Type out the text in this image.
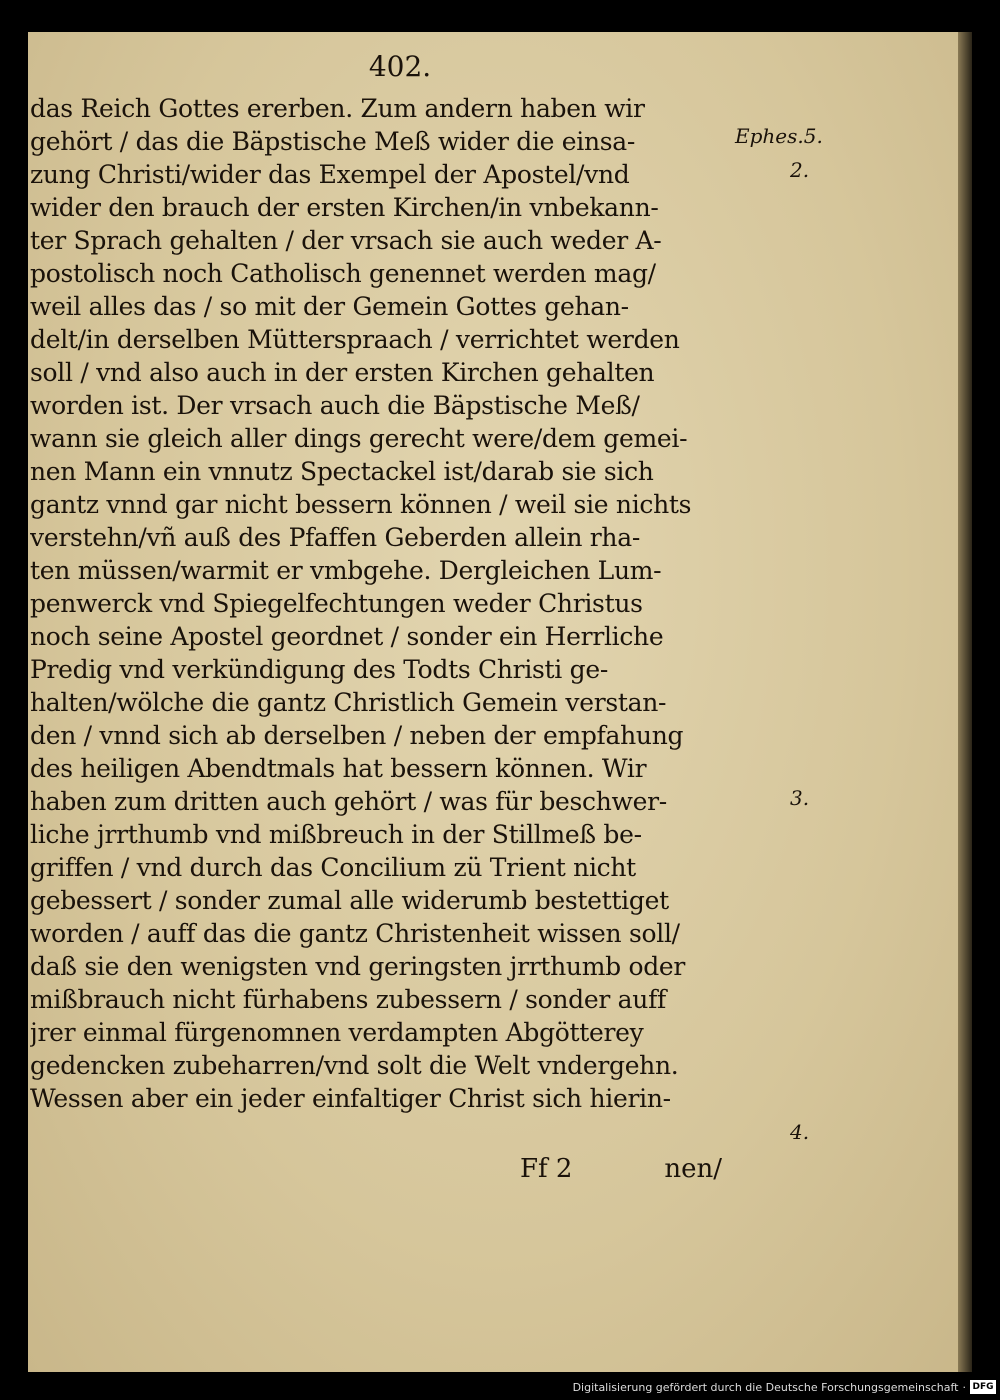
402.
das Reich Gottes ererben. Zum andern haben wir
gehört / das die Bäpstische Meß wider die einsa-
zung Christi/wider das Exempel der Apostel/vnd
wider den brauch der ersten Kirchen/in vnbekann-
ter Sprach gehalten / der vrsach sie auch weder A-
postolisch noch Catholisch genennet werden mag/
weil alles das / so mit der Gemein Gottes gehan-
delt/in derselben Mütterspraach / verrichtet werden
soll / vnd also auch in der ersten Kirchen gehalten
worden ist. Der vrsach auch die Bäpstische Meß/
wann sie gleich aller dings gerecht were/dem gemei-
nen Mann ein vnnutz Spectackel ist/darab sie sich
gantz vnnd gar nicht bessern können / weil sie nichts
verstehn/vñ auß des Pfaffen Geberden allein rha-
ten müssen/warmit er vmbgehe. Dergleichen Lum-
penwerck vnd Spiegelfechtungen weder Christus
noch seine Apostel geordnet / sonder ein Herrliche
Predig vnd verkündigung des Todts Christi ge-
halten/wölche die gantz Christlich Gemein verstan-
den / vnnd sich ab derselben / neben der empfahung
des heiligen Abendtmals hat bessern können. Wir
haben zum dritten auch gehört / was für beschwer-
liche jrrthumb vnd mißbreuch in der Stillmeß be-
griffen / vnd durch das Concilium zü Trient nicht
gebessert / sonder zumal alle widerumb bestettiget
worden / auff das die gantz Christenheit wissen soll/
daß sie den wenigsten vnd geringsten jrrthumb oder
mißbrauch nicht fürhabens zubessern / sonder auff
jrer einmal fürgenomnen verdampten Abgötterey
gedencken zubeharren/vnd solt die Welt vndergehn.
Wessen aber ein jeder einfaltiger Christ sich hierin-
Ff 2	nen/
Ephes.5.
2.
3.
4.
Digitalisierung gefördert durch die Deutsche Forschungsgemeinschaft · DFG
